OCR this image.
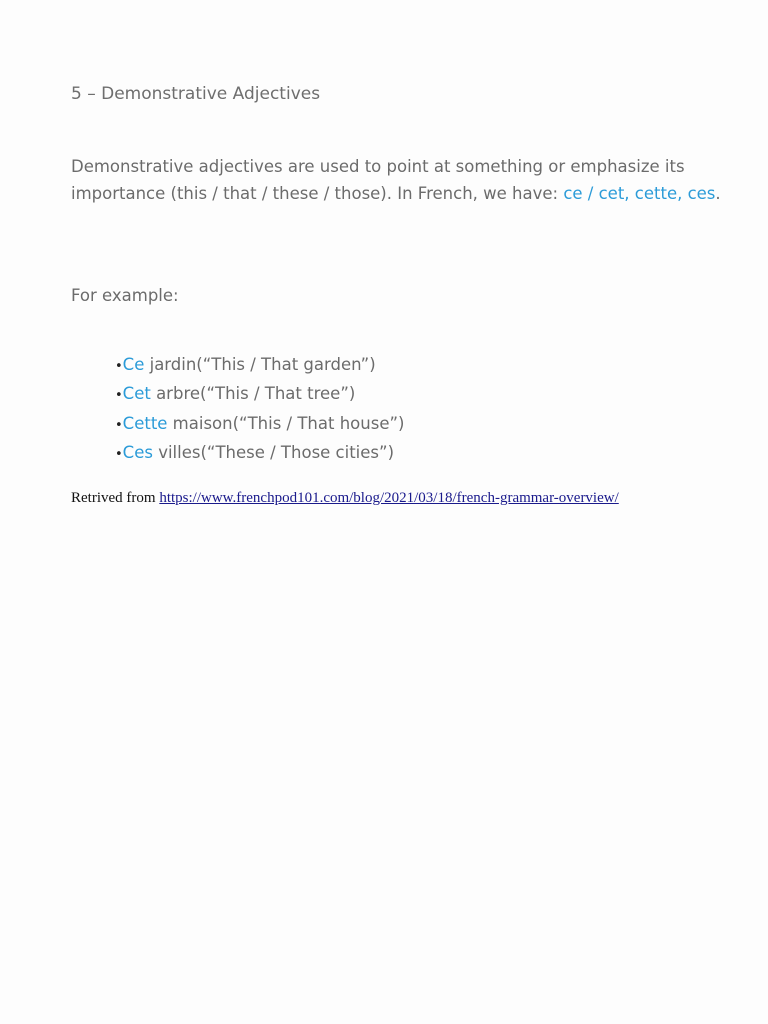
5 – Demonstrative Adjectives

Demonstrative adjectives are used to point at something or emphasize its importance (this / that / these / those). In French, we have: ce / cet, cette, ces.

For example:

•Ce jardin(“This / That garden”)
•Cet arbre(“This / That tree”)
•Cette maison(“This / That house”)
•Ces villes(“These / Those cities”)

Retrived from https://www.frenchpod101.com/blog/2021/03/18/french-grammar-overview/
